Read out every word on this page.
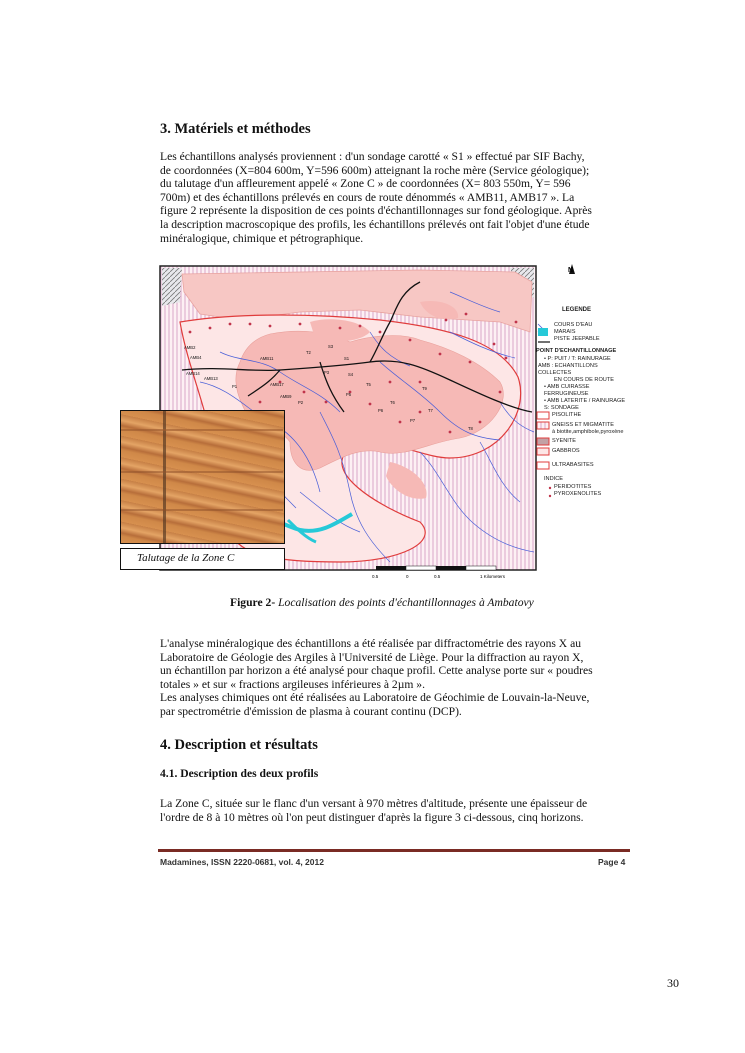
3. Matériels et méthodes
Les échantillons analysés proviennent : d'un sondage carotté « S1 » effectué par SIF Bachy,
de coordonnées (X=804 600m, Y=596 600m) atteignant la roche mère (Service géologique);
du talutage d'un affleurement appelé « Zone C » de coordonnées (X= 803 550m, Y= 596
700m) et des échantillons prélevés en cours de route dénommés « AMB11, AMB17 ». La
figure 2 représente la disposition de ces points d'échantillonnages sur fond géologique. Après
la description macroscopique des profils, les échantillons prélevés ont fait l'objet d'une étude
minéralogique, chimique et pétrographique.
AMB2
AMB4
AMB14
AMB13
AMB11
AMB17
AMB9
P1
P2
P3
P5
P6
P7
T2
S3
S4
T5
T6
T7
T8
T9
S1
0.5	0	0.5	1 Kilometers
N
Talutage de la Zone C
LEGENDE
COURS D'EAU
MARAIS
PISTE JEEPABLE
POINT D'ECHANTILLONNAGE
• P: PUIT / T: RAINURAGE
AMB : ECHANTILLONS COLLECTES
EN COURS DE ROUTE
• AMB CUIRASSE FERRUGINEUSE
• AMB LATERITE / RAINURAGE
S: SONDAGE
PISOLITHE
GNEISS ET MIGMATITE
à biotite,amphibole,pyroxène
SYENITE
GABBROS
ULTRABASITES
INDICE
PERIDOTITES
PYROXENOLITES
Figure 2- Localisation des points d'échantillonnages à Ambatovy
L'analyse minéralogique des échantillons a été réalisée par diffractométrie des rayons X au
Laboratoire de Géologie des Argiles à l'Université de Liège. Pour la diffraction au rayon X,
un échantillon par horizon a été analysé pour chaque profil. Cette analyse porte sur « poudres
totales » et sur « fractions argileuses inférieures à 2µm ».
Les analyses chimiques ont été réalisées au Laboratoire de Géochimie de Louvain-la-Neuve,
par spectrométrie d'émission de plasma à courant continu (DCP).
4. Description et résultats
4.1. Description des deux profils
La Zone C, située sur le flanc d'un versant à 970 mètres d'altitude, présente une épaisseur de
l'ordre de 8 à 10 mètres où l'on peut distinguer d'après la figure 3 ci-dessous, cinq horizons.
Madamines, ISSN 2220-0681, vol. 4, 2012	Page 4
30
